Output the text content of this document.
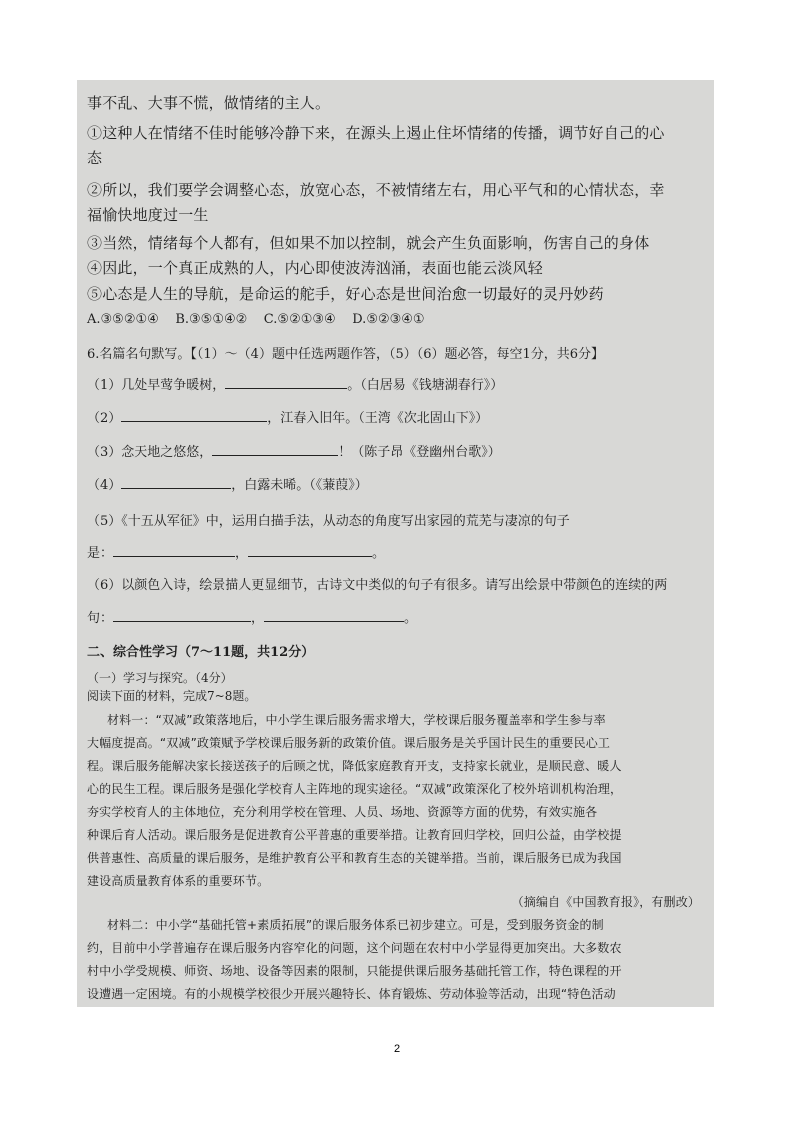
事不乱、大事不慌，做情绪的主人。
①这种人在情绪不佳时能够冷静下来，在源头上遏止住坏情绪的传播，调节好自己的心
态
②所以，我们要学会调整心态，放宽心态，不被情绪左右，用心平气和的心情状态，幸
福愉快地度过一生
③当然，情绪每个人都有，但如果不加以控制，就会产生负面影响，伤害自己的身体
④因此，一个真正成熟的人，内心即使波涛汹涌，表面也能云淡风轻
⑤心态是人生的导航，是命运的舵手，好心态是世间治愈一切最好的灵丹妙药
A.③⑤②①④    B.③⑤①④②    C.⑤②①③④    D.⑤②③④①
6.名篇名句默写。【（1）～（4）题中任选两题作答，（5）（6）题必答，每空1分，共6分】
（1）几处早莺争暖树，	。（白居易《钱塘湖春行》）
（2）	，江春入旧年。（王湾《次北固山下》）
（3）念天地之悠悠，	！（陈子昂《登幽州台歌》）
（4）	，白露未晞。（《蒹葭》）
（5）《十五从军征》中，运用白描手法，从动态的角度写出家园的荒芜与凄凉的句子
是：	，	。
（6）以颜色入诗，绘景描人更显细节，古诗文中类似的句子有很多。请写出绘景中带颜色的连续的两
句：	，	。
二、综合性学习（7～11题，共12分）
（一）学习与探究。（4分）
阅读下面的材料，完成7~8题。
材料一：“双减”政策落地后，中小学生课后服务需求增大，学校课后服务覆盖率和学生参与率
大幅度提高。“双减”政策赋予学校课后服务新的政策价值。课后服务是关乎国计民生的重要民心工
程。课后服务能解决家长接送孩子的后顾之忧，降低家庭教育开支，支持家长就业，是顺民意、暖人
心的民生工程。课后服务是强化学校育人主阵地的现实途径。“双减”政策深化了校外培训机构治理，
夯实学校育人的主体地位，充分利用学校在管理、人员、场地、资源等方面的优势，有效实施各
种课后育人活动。课后服务是促进教育公平普惠的重要举措。让教育回归学校，回归公益，由学校提
供普惠性、高质量的课后服务，是维护教育公平和教育生态的关键举措。当前，课后服务已成为我国
建设高质量教育体系的重要环节。
（摘编自《中国教育报》，有删改）
材料二：中小学“基础托管+素质拓展”的课后服务体系已初步建立。可是，受到服务资金的制
约，目前中小学普遍存在课后服务内容窄化的问题，这个问题在农村中小学显得更加突出。大多数农
村中小学受规模、师资、场地、设备等因素的限制，只能提供课后服务基础托管工作，特色课程的开
设遭遇一定困境。有的小规模学校很少开展兴趣特长、体育锻炼、劳动体验等活动，出现“特色活动
2
